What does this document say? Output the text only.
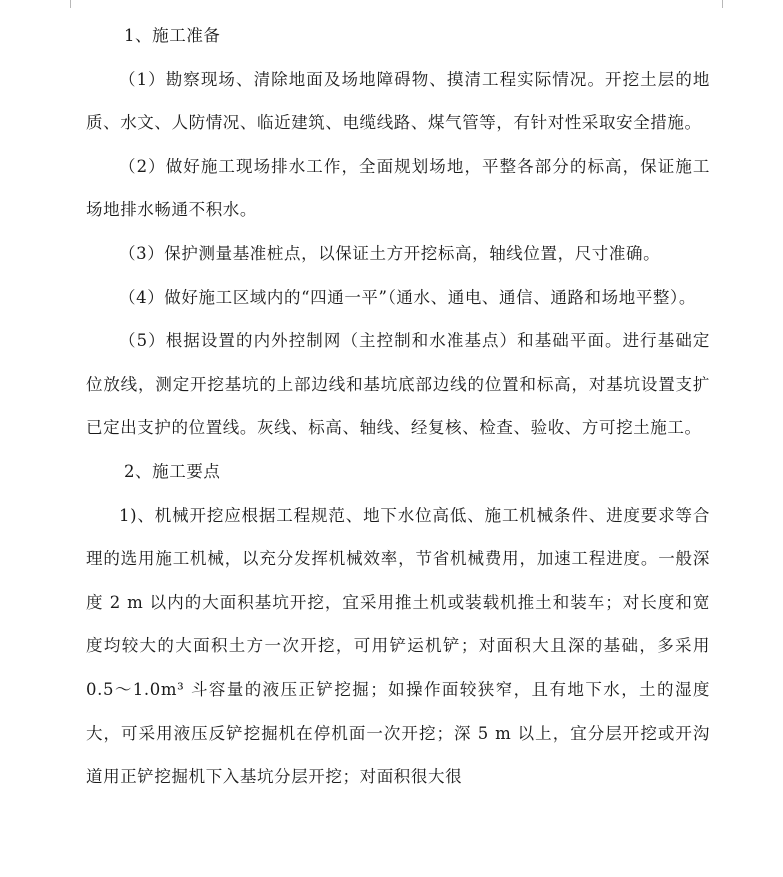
1、施工准备

（1）勘察现场、清除地面及场地障碍物、摸清工程实际情况。开挖土层的地质、水文、人防情况、临近建筑、电缆线路、煤气管等，有针对性采取安全措施。

（2）做好施工现场排水工作，全面规划场地，平整各部分的标高，保证施工场地排水畅通不积水。

（3）保护测量基准桩点，以保证土方开挖标高，轴线位置，尺寸准确。

（4）做好施工区域内的“四通一平”（通水、通电、通信、通路和场地平整）。

（5）根据设置的内外控制网（主控制和水准基点）和基础平面。进行基础定位放线，测定开挖基坑的上部边线和基坑底部边线的位置和标高，对基坑设置支扩已定出支护的位置线。灰线、标高、轴线、经复核、检查、验收、方可挖土施工。

2、施工要点

1)、机械开挖应根据工程规范、地下水位高低、施工机械条件、进度要求等合理的选用施工机械，以充分发挥机械效率，节省机械费用，加速工程进度。一般深度 2 m 以内的大面积基坑开挖，宜采用推土机或装载机推土和装车；对长度和宽度均较大的大面积土方一次开挖，可用铲运机铲；对面积大且深的基础，多采用 0.5～1.0m³ 斗容量的液压正铲挖掘；如操作面较狭窄，且有地下水，土的湿度大，可采用液压反铲挖掘机在停机面一次开挖；深 5 m 以上，宜分层开挖或开沟道用正铲挖掘机下入基坑分层开挖；对面积很大很
